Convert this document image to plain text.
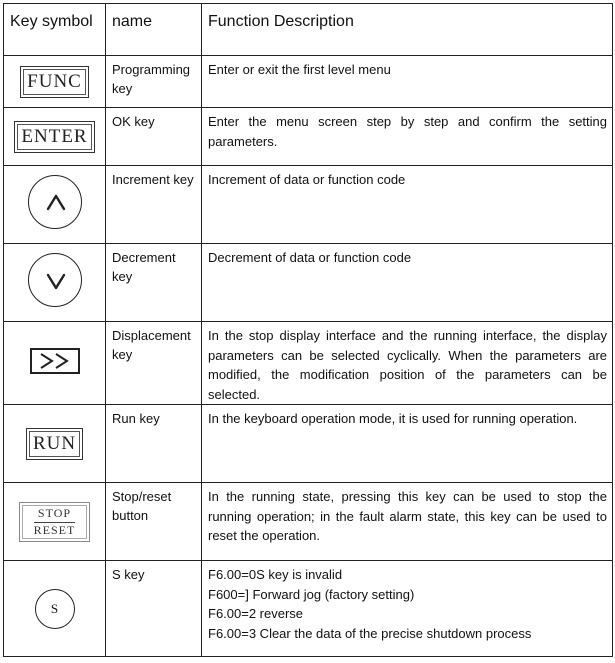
Key symbol	name	Function Description
FUNC	Programming key	Enter or exit the first level menu
ENTER	OK key	Enter the menu screen step by step and confirm the setting parameters.

	Increment key	Increment of data or function code

	Decrement key	Decrement of data or function code

	Displacement key	In the stop display interface and the running interface, the display parameters can be selected cyclically. When the parameters are modified, the modification position of the parameters can be selected.
RUN	Run key	In the keyboard operation mode, it is used for running operation.

STOP
RESET	Stop/reset button	In the running state, pressing this key can be used to stop the running operation; in the fault alarm state, this key can be used to reset the operation.
S	S key	F6.00=0S key is invalid
F600=] Forward jog (factory setting)
F6.00=2 reverse
F6.00=3 Clear the data of the precise shutdown process
